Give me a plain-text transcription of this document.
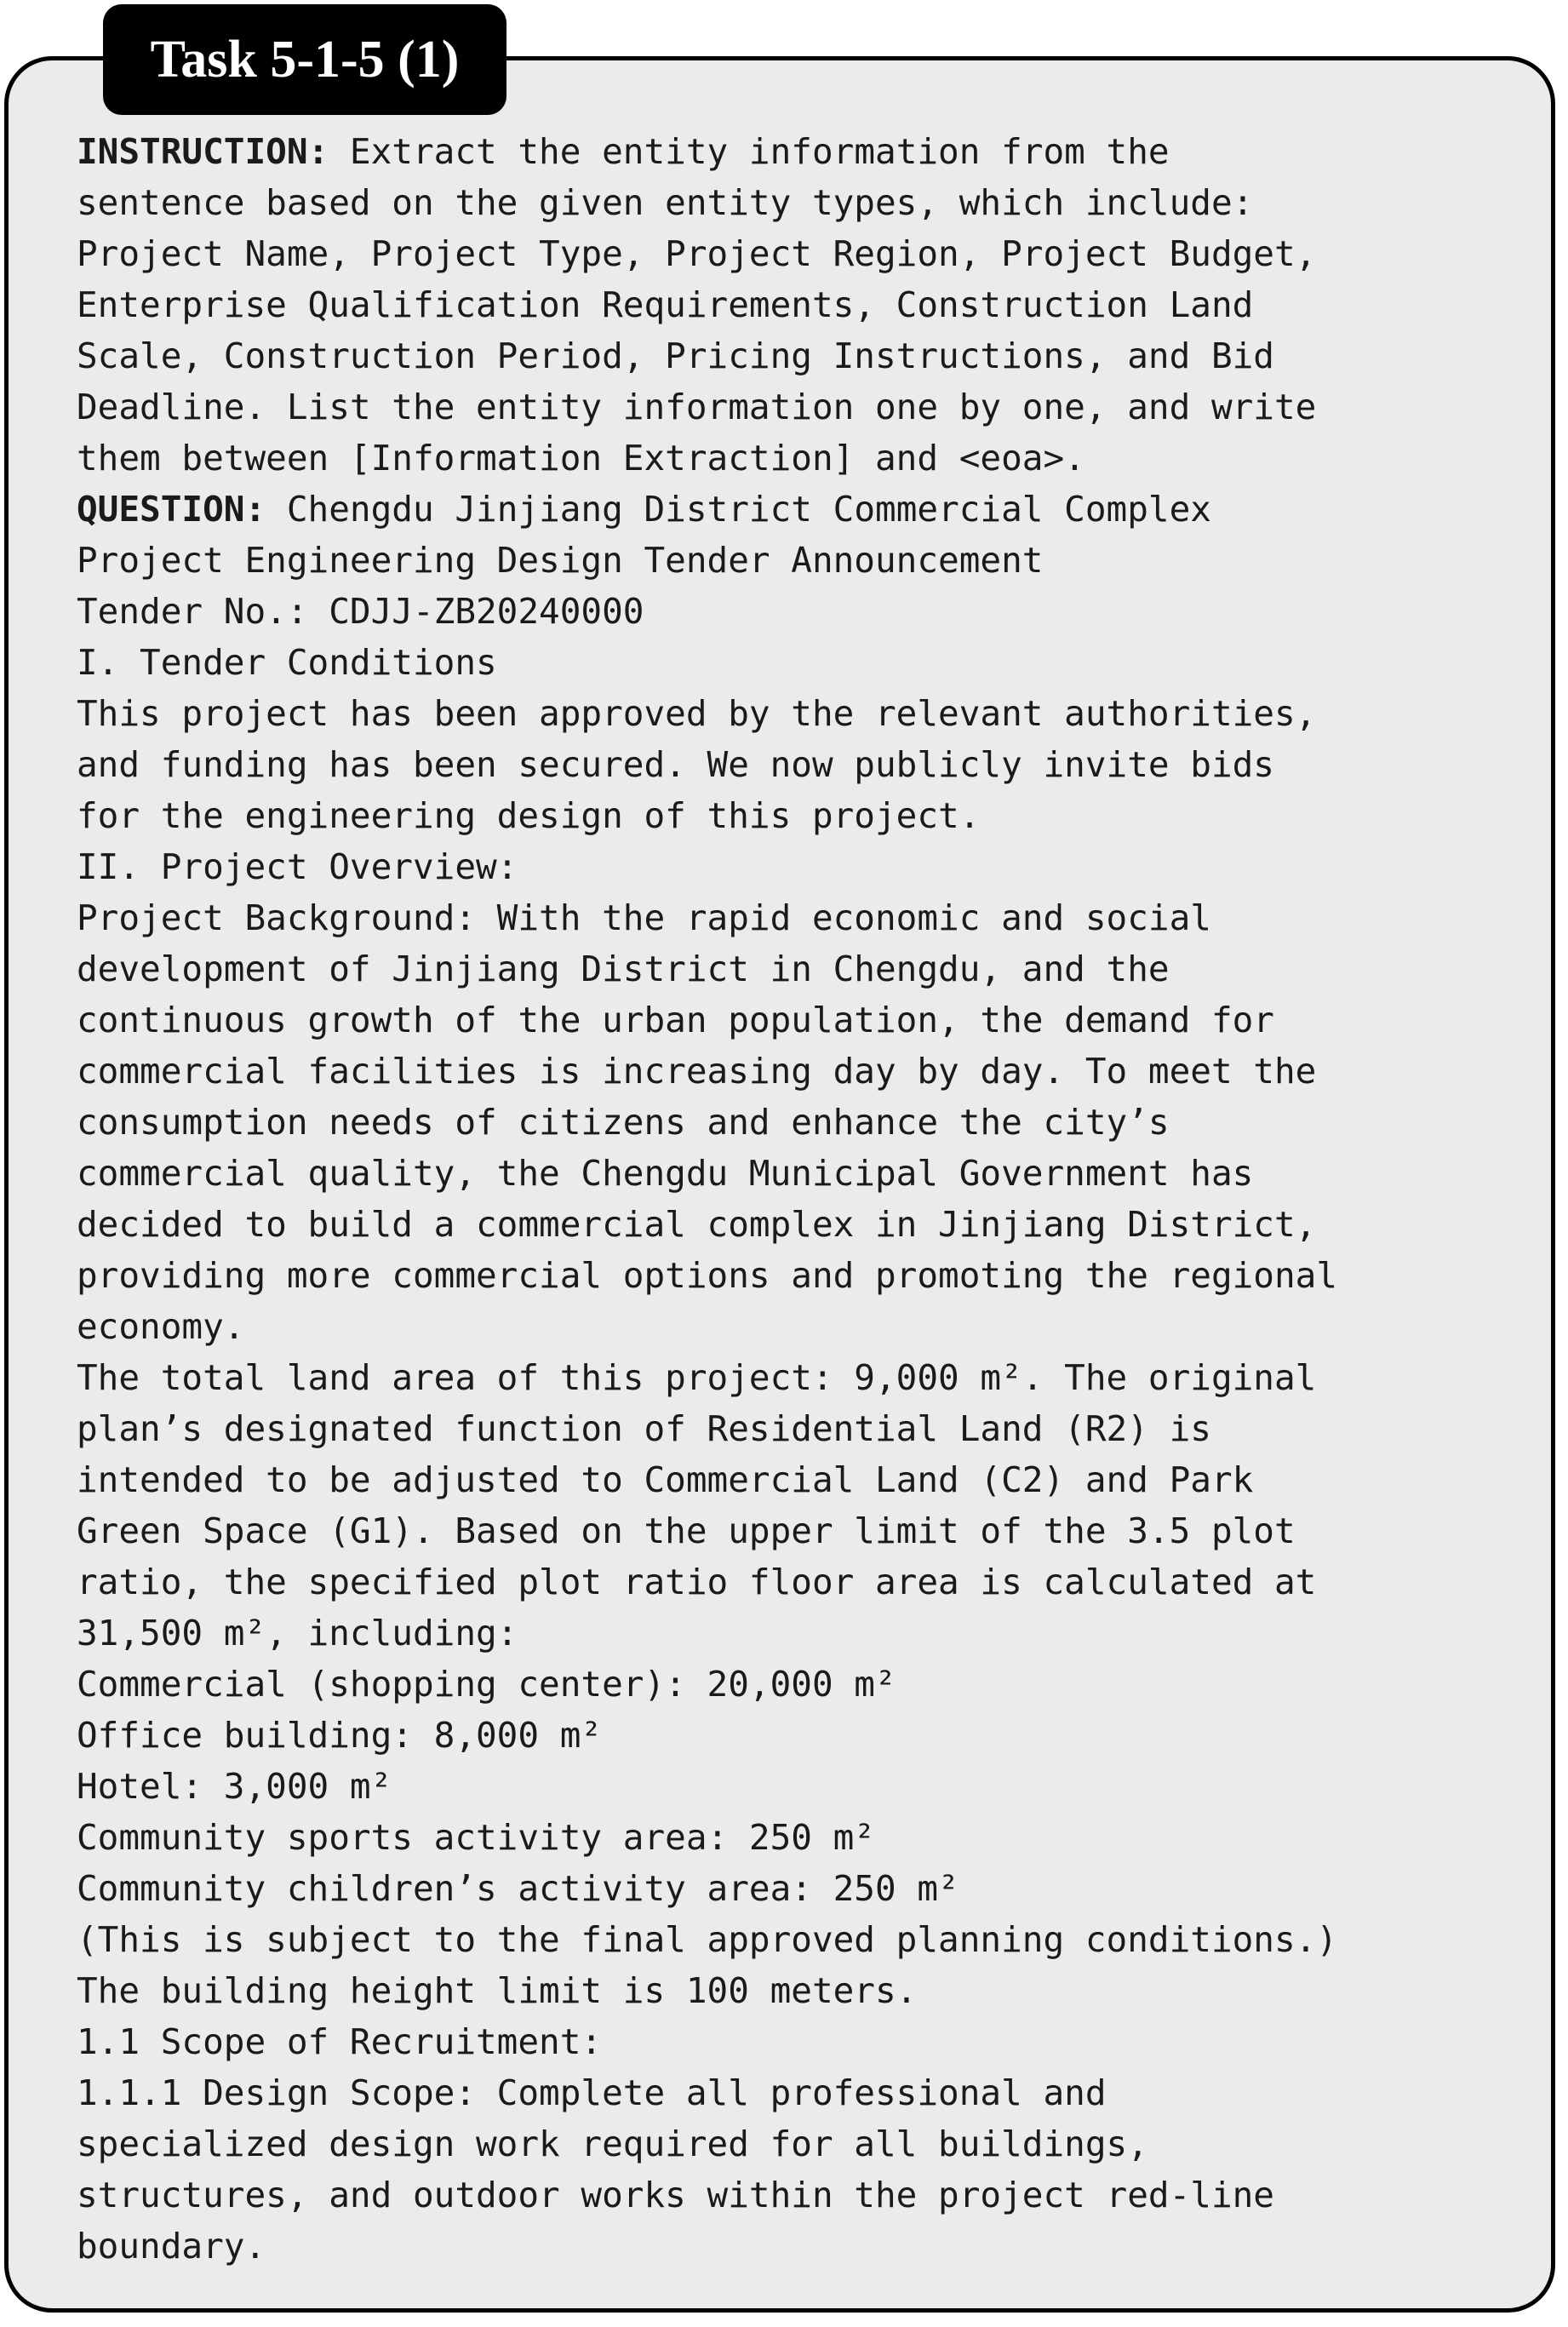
Task 5-1-5 (1)
INSTRUCTION: Extract the entity information from the
sentence based on the given entity types, which include:
Project Name, Project Type, Project Region, Project Budget,
Enterprise Qualification Requirements, Construction Land
Scale, Construction Period, Pricing Instructions, and Bid
Deadline. List the entity information one by one, and write
them between [Information Extraction] and <eoa>.
QUESTION: Chengdu Jinjiang District Commercial Complex
Project Engineering Design Tender Announcement
Tender No.: CDJJ-ZB20240000
I. Tender Conditions
This project has been approved by the relevant authorities,
and funding has been secured. We now publicly invite bids
for the engineering design of this project.
II. Project Overview:
Project Background: With the rapid economic and social
development of Jinjiang District in Chengdu, and the
continuous growth of the urban population, the demand for
commercial facilities is increasing day by day. To meet the
consumption needs of citizens and enhance the city’s
commercial quality, the Chengdu Municipal Government has
decided to build a commercial complex in Jinjiang District,
providing more commercial options and promoting the regional
economy.
The total land area of this project: 9,000 m². The original
plan’s designated function of Residential Land (R2) is
intended to be adjusted to Commercial Land (C2) and Park
Green Space (G1). Based on the upper limit of the 3.5 plot
ratio, the specified plot ratio floor area is calculated at
31,500 m², including:
Commercial (shopping center): 20,000 m²
Office building: 8,000 m²
Hotel: 3,000 m²
Community sports activity area: 250 m²
Community children’s activity area: 250 m²
(This is subject to the final approved planning conditions.)
The building height limit is 100 meters.
1.1 Scope of Recruitment:
1.1.1 Design Scope: Complete all professional and
specialized design work required for all buildings,
structures, and outdoor works within the project red-line
boundary.
